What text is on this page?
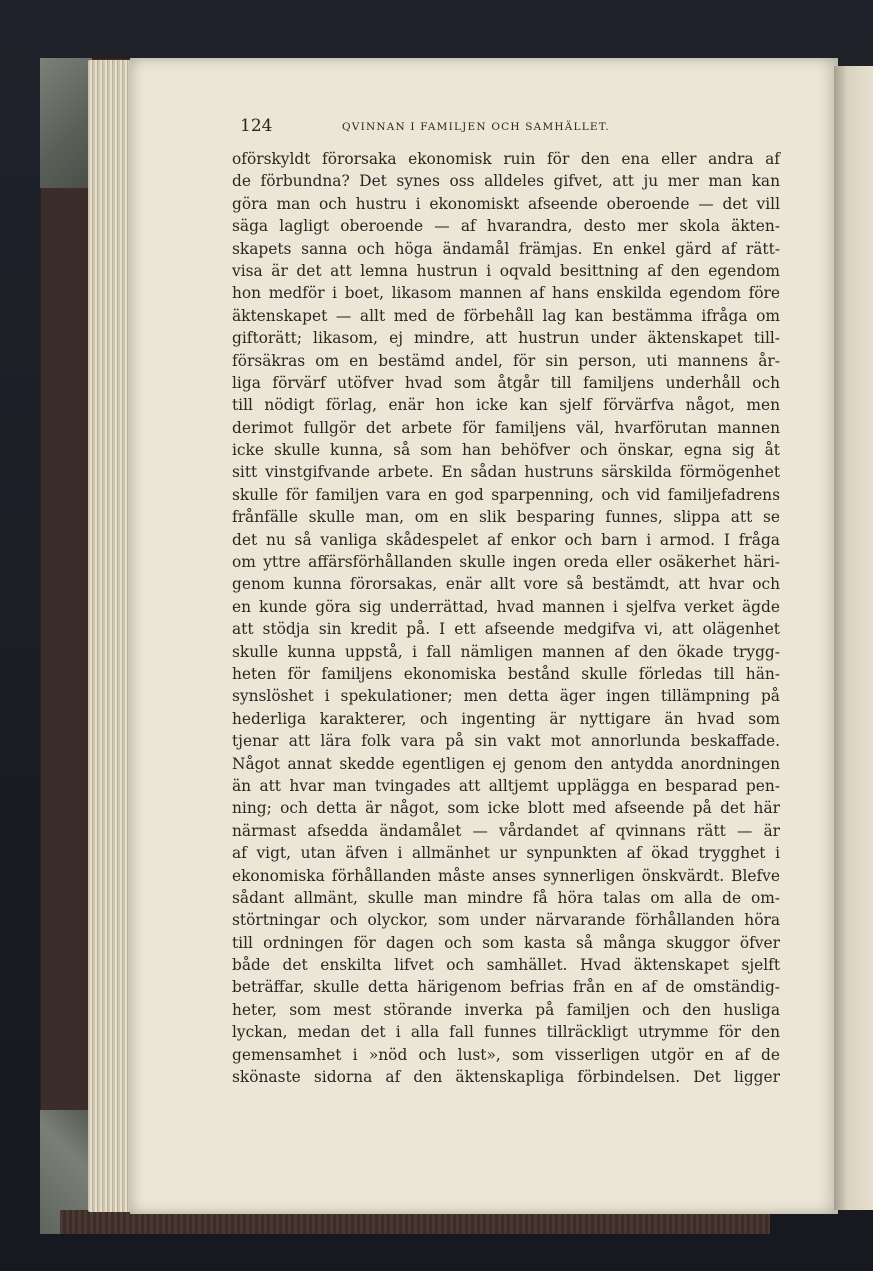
124	QVINNAN I FAMILJEN OCH SAMHÄLLET.
oförskyldt förorsaka ekonomisk ruin för den ena eller andra af
de förbundna? Det synes oss alldeles gifvet, att ju mer man kan
göra man och hustru i ekonomiskt afseende oberoende — det vill
säga lagligt oberoende — af hvarandra, desto mer skola äkten-
skapets sanna och höga ändamål främjas. En enkel gärd af rätt-
visa är det att lemna hustrun i oqvald besittning af den egendom
hon medför i boet, likasom mannen af hans enskilda egendom före
äktenskapet — allt med de förbehåll lag kan bestämma ifråga om
giftorätt; likasom, ej mindre, att hustrun under äktenskapet till-
försäkras om en bestämd andel, för sin person, uti mannens år-
liga förvärf utöfver hvad som åtgår till familjens underhåll och
till nödigt förlag, enär hon icke kan sjelf förvärfva något, men
derimot fullgör det arbete för familjens väl, hvarförutan mannen
icke skulle kunna, så som han behöfver och önskar, egna sig åt
sitt vinstgifvande arbete. En sådan hustruns särskilda förmögenhet
skulle för familjen vara en god sparpenning, och vid familjefadrens
frånfälle skulle man, om en slik besparing funnes, slippa att se
det nu så vanliga skådespelet af enkor och barn i armod. I fråga
om yttre affärsförhållanden skulle ingen oreda eller osäkerhet häri-
genom kunna förorsakas, enär allt vore så bestämdt, att hvar och
en kunde göra sig underrättad, hvad mannen i sjelfva verket ägde
att stödja sin kredit på. I ett afseende medgifva vi, att olägenhet
skulle kunna uppstå, i fall nämligen mannen af den ökade trygg-
heten för familjens ekonomiska bestånd skulle förledas till hän-
synslöshet i spekulationer; men detta äger ingen tillämpning på
hederliga karakterer, och ingenting är nyttigare än hvad som
tjenar att lära folk vara på sin vakt mot annorlunda beskaffade.
Något annat skedde egentligen ej genom den antydda anordningen
än att hvar man tvingades att alltjemt upplägga en besparad pen-
ning; och detta är något, som icke blott med afseende på det här
närmast afsedda ändamålet — vårdandet af qvinnans rätt — är
af vigt, utan äfven i allmänhet ur synpunkten af ökad trygghet i
ekonomiska förhållanden måste anses synnerligen önskvärdt. Blefve
sådant allmänt, skulle man mindre få höra talas om alla de om-
störtningar och olyckor, som under närvarande förhållanden höra
till ordningen för dagen och som kasta så många skuggor öfver
både det enskilta lifvet och samhället. Hvad äktenskapet sjelft
beträffar, skulle detta härigenom befrias från en af de omständig-
heter, som mest störande inverka på familjen och den husliga
lyckan, medan det i alla fall funnes tillräckligt utrymme för den
gemensamhet i »nöd och lust», som visserligen utgör en af de
skönaste sidorna af den äktenskapliga förbindelsen. Det ligger
